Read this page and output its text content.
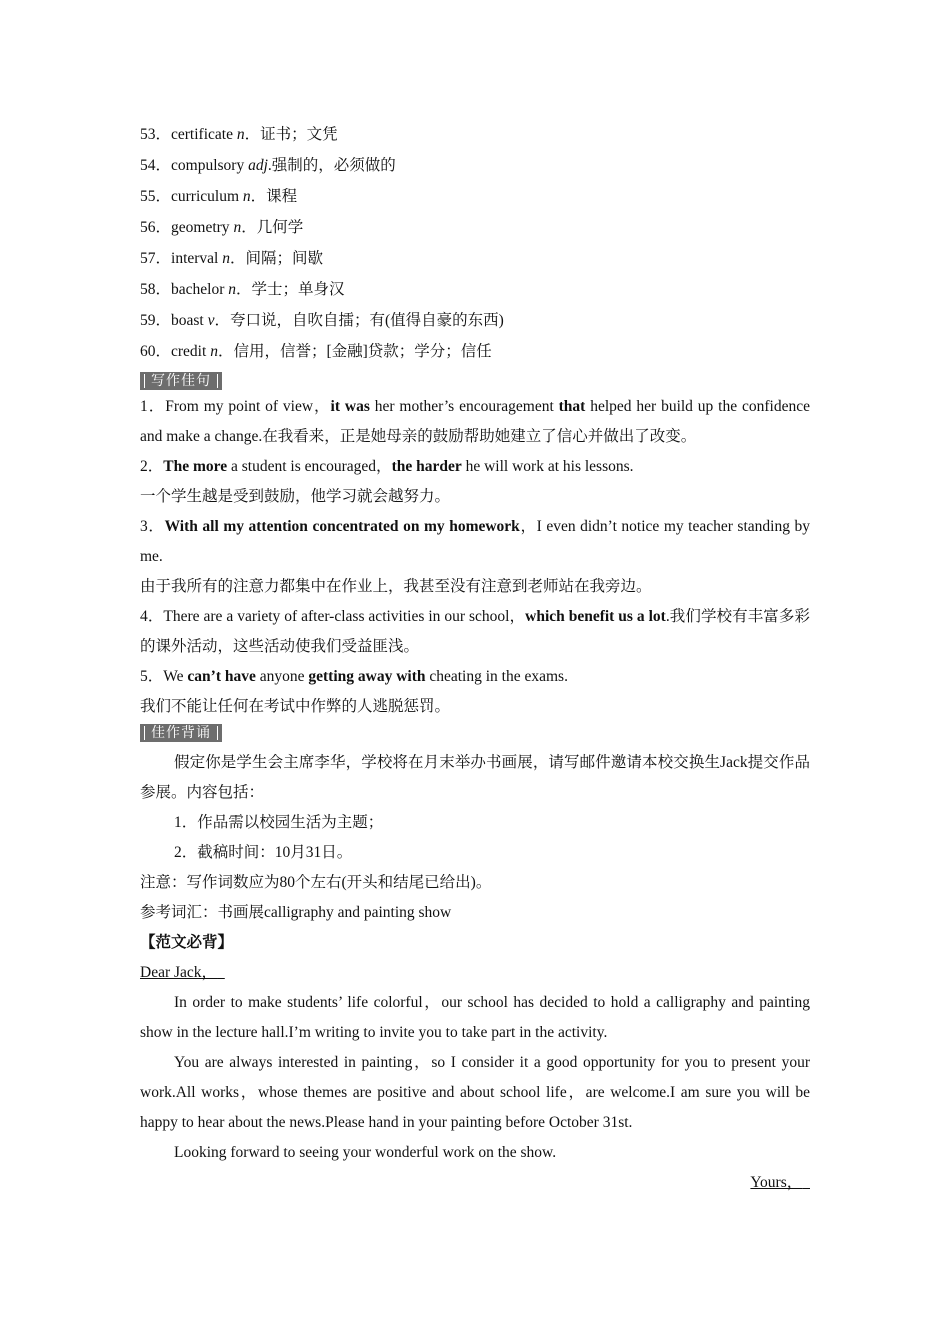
53．certificate n．证书；文凭
54．compulsory adj.强制的，必须做的
55．curriculum n．课程
56．geometry n．几何学
57．interval n．间隔；间歇
58．bachelor n．学士；单身汉
59．boast v．夸口说，自吹自擂；有(值得自豪的东西)
60．credit n．信用，信誉；[金融]贷款；学分；信任
写作佳句
1．From my point of view，it was her mother’s encouragement that helped her build up the confidence and make a change.在我看来，正是她母亲的鼓励帮助她建立了信心并做出了改变。
2．The more a student is encouraged，the harder he will work at his lessons.
一个学生越是受到鼓励，他学习就会越努力。
3．With all my attention concentrated on my homework，I even didn’t notice my teacher standing by me.
由于我所有的注意力都集中在作业上，我甚至没有注意到老师站在我旁边。
4．There are a variety of after-class activities in our school，which benefit us a lot.我们学校有丰富多彩的课外活动，这些活动使我们受益匪浅。
5．We can’t have anyone getting away with cheating in the exams.
我们不能让任何在考试中作弊的人逃脱惩罚。
佳作背诵
假定你是学生会主席李华，学校将在月末举办书画展，请写邮件邀请本校交换生Jack提交作品参展。内容包括：
1．作品需以校园生活为主题；
2．截稿时间：10月31日。
注意：写作词数应为80个左右(开头和结尾已给出)。
参考词汇：书画展calligraphy and painting show
【范文必背】
Dear Jack，
In order to make students’ life colorful，our school has decided to hold a calligraphy and painting show in the lecture hall.I’m writing to invite you to take part in the activity.
You are always interested in painting，so I consider it a good opportunity for you to present your work.All works，whose themes are positive and about school life，are welcome.I am sure you will be happy to hear about the news.Please hand in your painting before October 31st.
Looking forward to seeing your wonderful work on the show.
Yours，
